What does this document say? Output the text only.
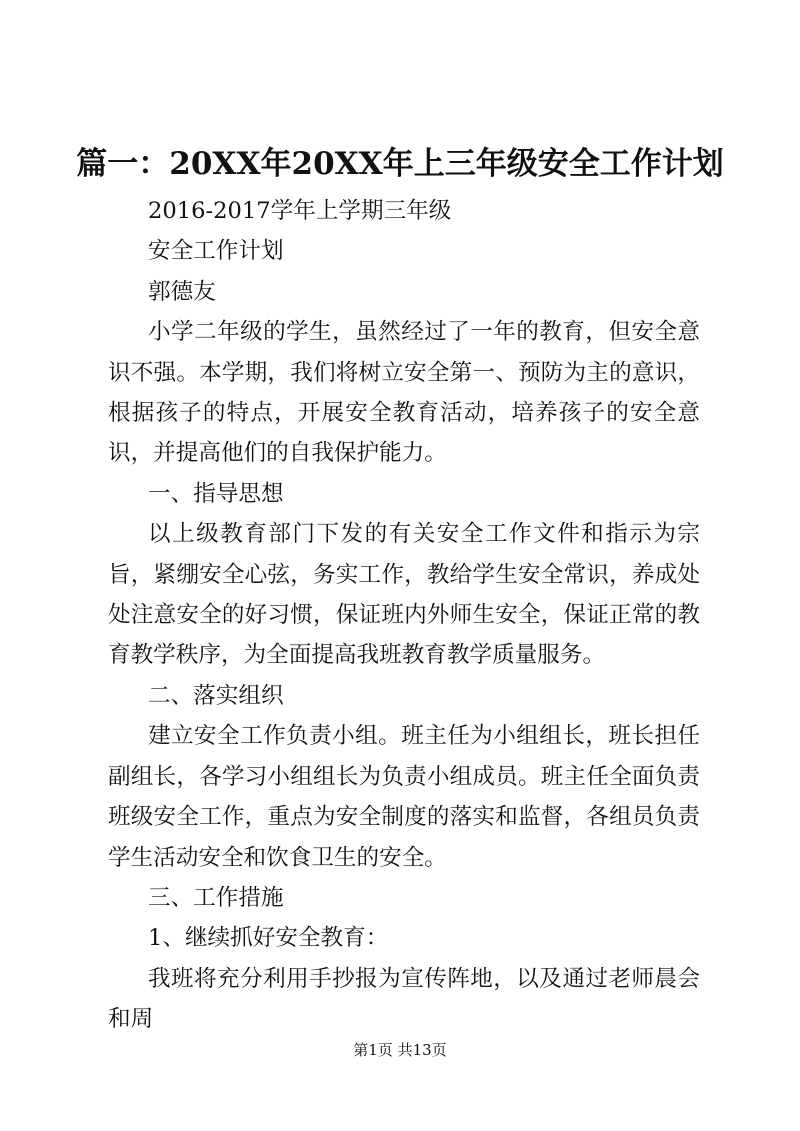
篇一：20XX年20XX年上三年级安全工作计划

2016-2017学年上学期三年级

安全工作计划

郭德友

小学二年级的学生，虽然经过了一年的教育，但安全意识不强。本学期，我们将树立安全第一、预防为主的意识，根据孩子的特点，开展安全教育活动，培养孩子的安全意识，并提高他们的自我保护能力。

一、指导思想

以上级教育部门下发的有关安全工作文件和指示为宗旨，紧绷安全心弦，务实工作，教给学生安全常识，养成处处注意安全的好习惯，保证班内外师生安全，保证正常的教育教学秩序，为全面提高我班教育教学质量服务。

二、落实组织

建立安全工作负责小组。班主任为小组组长，班长担任副组长，各学习小组组长为负责小组成员。班主任全面负责班级安全工作，重点为安全制度的落实和监督，各组员负责学生活动安全和饮食卫生的安全。

三、工作措施

1、继续抓好安全教育：

我班将充分利用手抄报为宣传阵地，以及通过老师晨会和周

第1页 共13页
